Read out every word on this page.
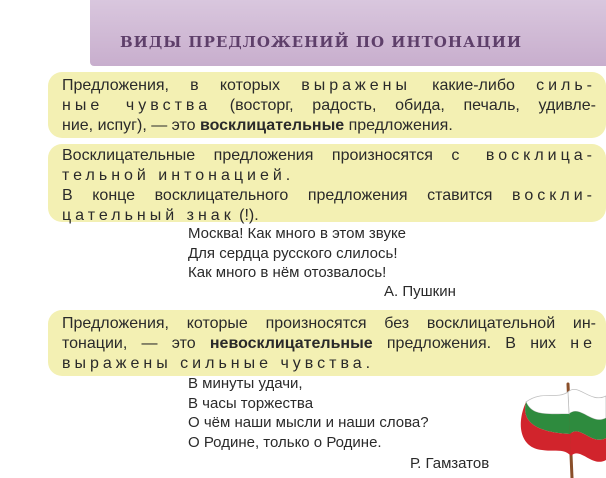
ВИДЫ ПРЕДЛОЖЕНИЙ ПО ИНТОНАЦИИ
Предложения, в которых выражены какие-либо силь-
ные чувства (восторг, радость, обида, печаль, удивле-
ние, испуг), — это восклицательные предложения.
Восклицательные предложения произносятся с восклица-
тельной интонацией.
В конце восклицательного предложения ставится воскли-
цательный знак (!).
Москва! Как много в этом звуке
Для сердца русского слилось!
Как много в нём отозвалось!
А. Пушкин
Предложения, которые произносятся без восклицательной ин-
тонации, — это невосклицательные предложения. В них не
выражены сильные чувства.
В минуты удачи,
В часы торжества
О чём наши мысли и наши слова?
О Родине, только о Родине.
Р. Гамзатов
